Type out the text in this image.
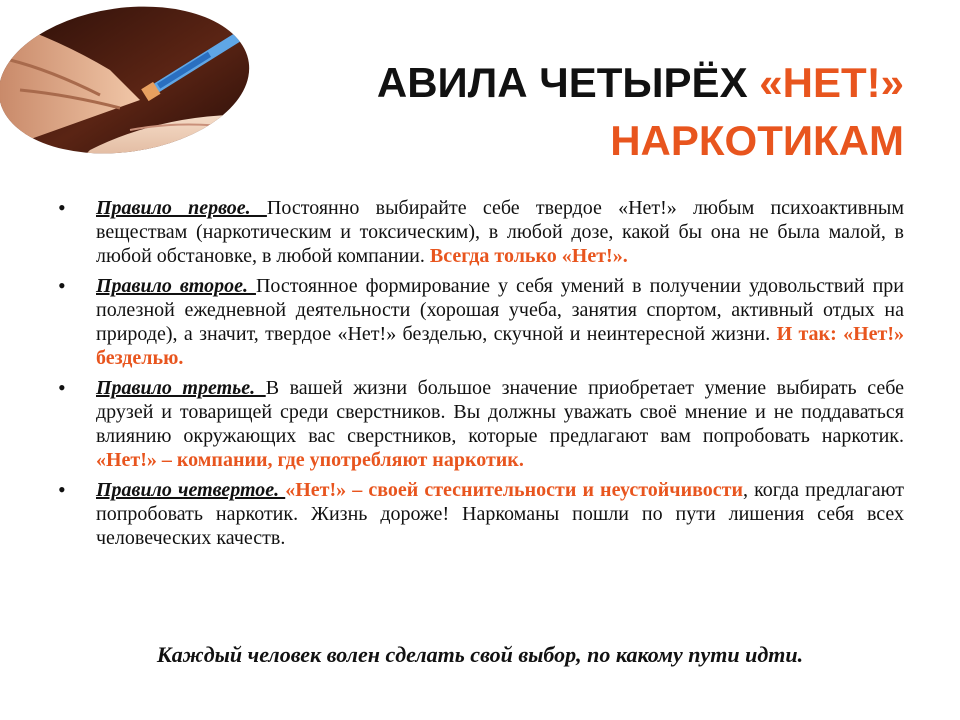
АВИЛА ЧЕТЫРЁХ «НЕТ!»
НАРКОТИКАМ
• Правило первое. Постоянно выбирайте себе твердое «Нет!» любым психоактивным веществам (наркотическим и токсическим), в любой дозе, какой бы она не была малой, в любой обстановке, в любой компании. Всегда только «Нет!».
• Правило второе. Постоянное формирование у себя умений в получении удовольствий при полезной ежедневной деятельности (хорошая учеба, занятия спортом, активный отдых на природе), а значит, твердое «Нет!» безделью, скучной и неинтересной жизни. И так: «Нет!» безделью.
• Правило третье. В вашей жизни большое значение приобретает умение выбирать себе друзей и товарищей среди сверстников. Вы должны уважать своё мнение и не поддаваться влиянию окружающих вас сверстников, которые предлагают вам попробовать наркотик. «Нет!» – компании, где употребляют наркотик.
• Правило четвертое. «Нет!» – своей стеснительности и неустойчивости, когда предлагают попробовать наркотик. Жизнь дороже! Наркоманы пошли по пути лишения себя всех человеческих качеств.

Каждый человек волен сделать свой выбор, по какому пути идти.
